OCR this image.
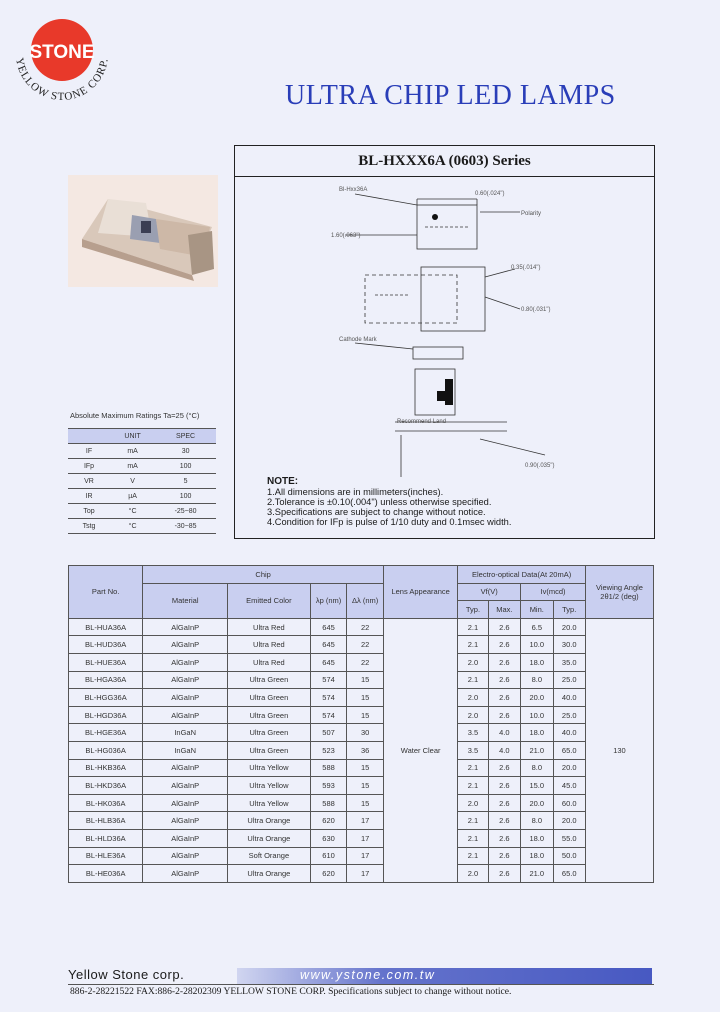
STONE
YELLOW STONE CORP.
ULTRA CHIP LED LAMPS
BL-HXXX6A (0603) Series
Bl-Hxx36A
0.60(.024")
Polarity
1.60(.063")
0.35(.014")
0.80(.031")
Cathode Mark
Recommend Land
0.90(.035")
NOTE:
1.All dimensions are in millimeters(inches).
2.Tolerance is ±0.10(.004") unless otherwise specified.
3.Specifications are subject to change without notice.
4.Condition for IFp is pulse of 1/10 duty and 0.1msec width.
Absolute Maximum Ratings Ta=25 (°C)
	UNIT	SPEC
IF	mA	30
IFp	mA	100
VR	V	5
IR	µA	100
Top	°C	-25~80
Tstg	°C	-30~85
Part No.	Chip				Lens Appearance	Electro-optical Data(At 20mA)				Viewing Angle 2θ1/2 (deg)
	Material	Emitted Color	λp (nm)	Δλ (nm)		Vf(V)		Iv(mcd)		
						Typ.	Max.	Min.	Typ.	
BL-HUA36A	AlGaInP	Ultra Red	645	22	Water Clear	2.1	2.6	6.5	20.0	130
BL-HUD36A	AlGaInP	Ultra Red	645	22		2.1	2.6	10.0	30.0	
BL-HUE36A	AlGaInP	Ultra Red	645	22		2.0	2.6	18.0	35.0	
BL-HGA36A	AlGaInP	Ultra Green	574	15		2.1	2.6	8.0	25.0	
BL-HGG36A	AlGaInP	Ultra Green	574	15		2.0	2.6	20.0	40.0	
BL-HGD36A	AlGaInP	Ultra Green	574	15		2.0	2.6	10.0	25.0	
BL-HGE36A	InGaN	Ultra Green	507	30		3.5	4.0	18.0	40.0	
BL-HG036A	InGaN	Ultra Green	523	36		3.5	4.0	21.0	65.0	
BL-HKB36A	AlGaInP	Ultra Yellow	588	15		2.1	2.6	8.0	20.0	
BL-HKD36A	AlGaInP	Ultra Yellow	593	15		2.1	2.6	15.0	45.0	
BL-HK036A	AlGaInP	Ultra Yellow	588	15		2.0	2.6	20.0	60.0	
BL-HLB36A	AlGaInP	Ultra Orange	620	17		2.1	2.6	8.0	20.0	
BL-HLD36A	AlGaInP	Ultra Orange	630	17		2.1	2.6	18.0	55.0	
BL-HLE36A	AlGaInP	Soft Orange	610	17		2.1	2.6	18.0	50.0	
BL-HE036A	AlGaInP	Ultra Orange	620	17		2.0	2.6	21.0	65.0	
Yellow Stone corp.	www.ystone.com.tw
886-2-28221522 FAX:886-2-28202309 YELLOW STONE CORP. Specifications subject to change without notice.
